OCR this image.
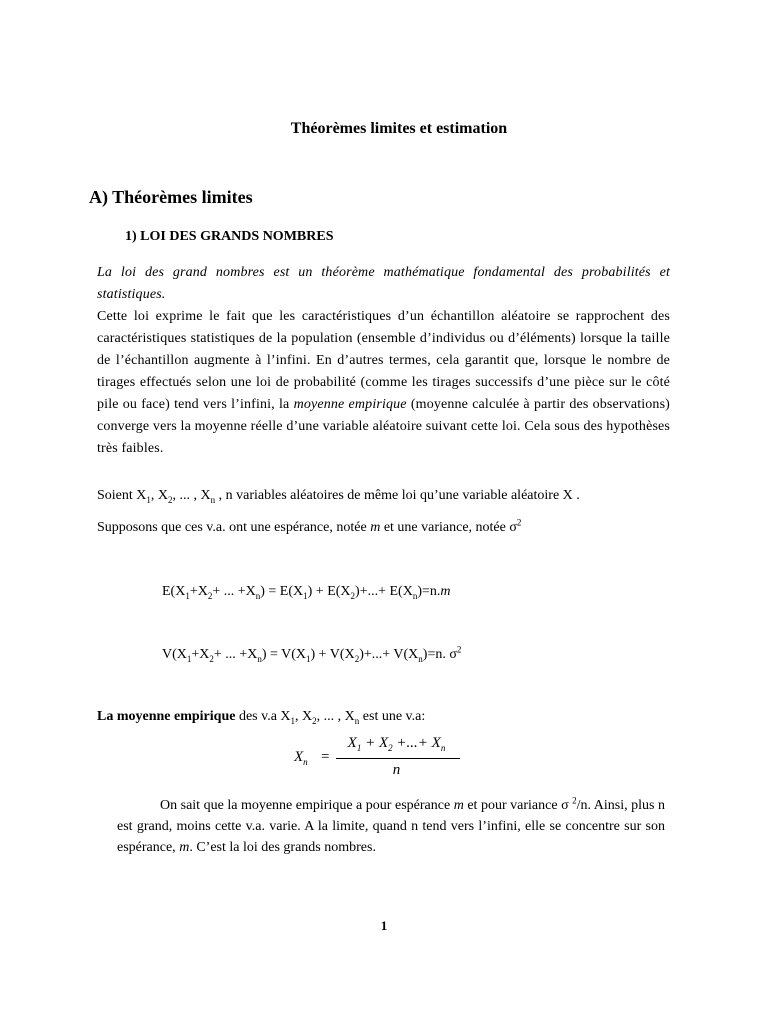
Théorèmes limites et estimation
A) Théorèmes limites
1) LOI DES GRANDS NOMBRES
La loi des grand nombres est un théorème mathématique fondamental des probabilités et statistiques.
Cette loi exprime le fait que les caractéristiques d’un échantillon aléatoire se rapprochent des caractéristiques statistiques de la population (ensemble d’individus ou d’éléments) lorsque la taille de l’échantillon augmente à l’infini. En d’autres termes, cela garantit que, lorsque le nombre de tirages effectués selon une loi de probabilité (comme les tirages successifs d’une pièce sur le côté pile ou face) tend vers l’infini, la moyenne empirique (moyenne calculée à partir des observations) converge vers la moyenne réelle d’une variable aléatoire suivant cette loi. Cela sous des hypothèses très faibles.
Soient $X_1$, $X_2$, ... , $X_n$ , n variables aléatoires de même loi qu’une variable aléatoire X .
Supposons que ces v.a. ont une espérance, notée m et une variance, notée $\sigma^2$
$E(X_1+X_2+$ ... $+X_n) = E(X_1) + E(X_2)+...+ E(X_n)=n.m$
$V(X_1+X_2+$ ... $+X_n) = V(X_1) + V(X_2)+...+ V(X_n)=n$. $\sigma^2$
La moyenne empirique des v.a $X_1$, $X_2$, ... , $X_n$ est une v.a:
$X_n$ =
$X_1 + X_2$ +...+ $X_n$
n
On sait que la moyenne empirique a pour espérance m et pour variance σ $^2$/n. Ainsi, plus n est grand, moins cette v.a. varie. A la limite, quand n tend vers l’infini, elle se concentre sur son espérance, m. C’est la loi des grands nombres.
1
